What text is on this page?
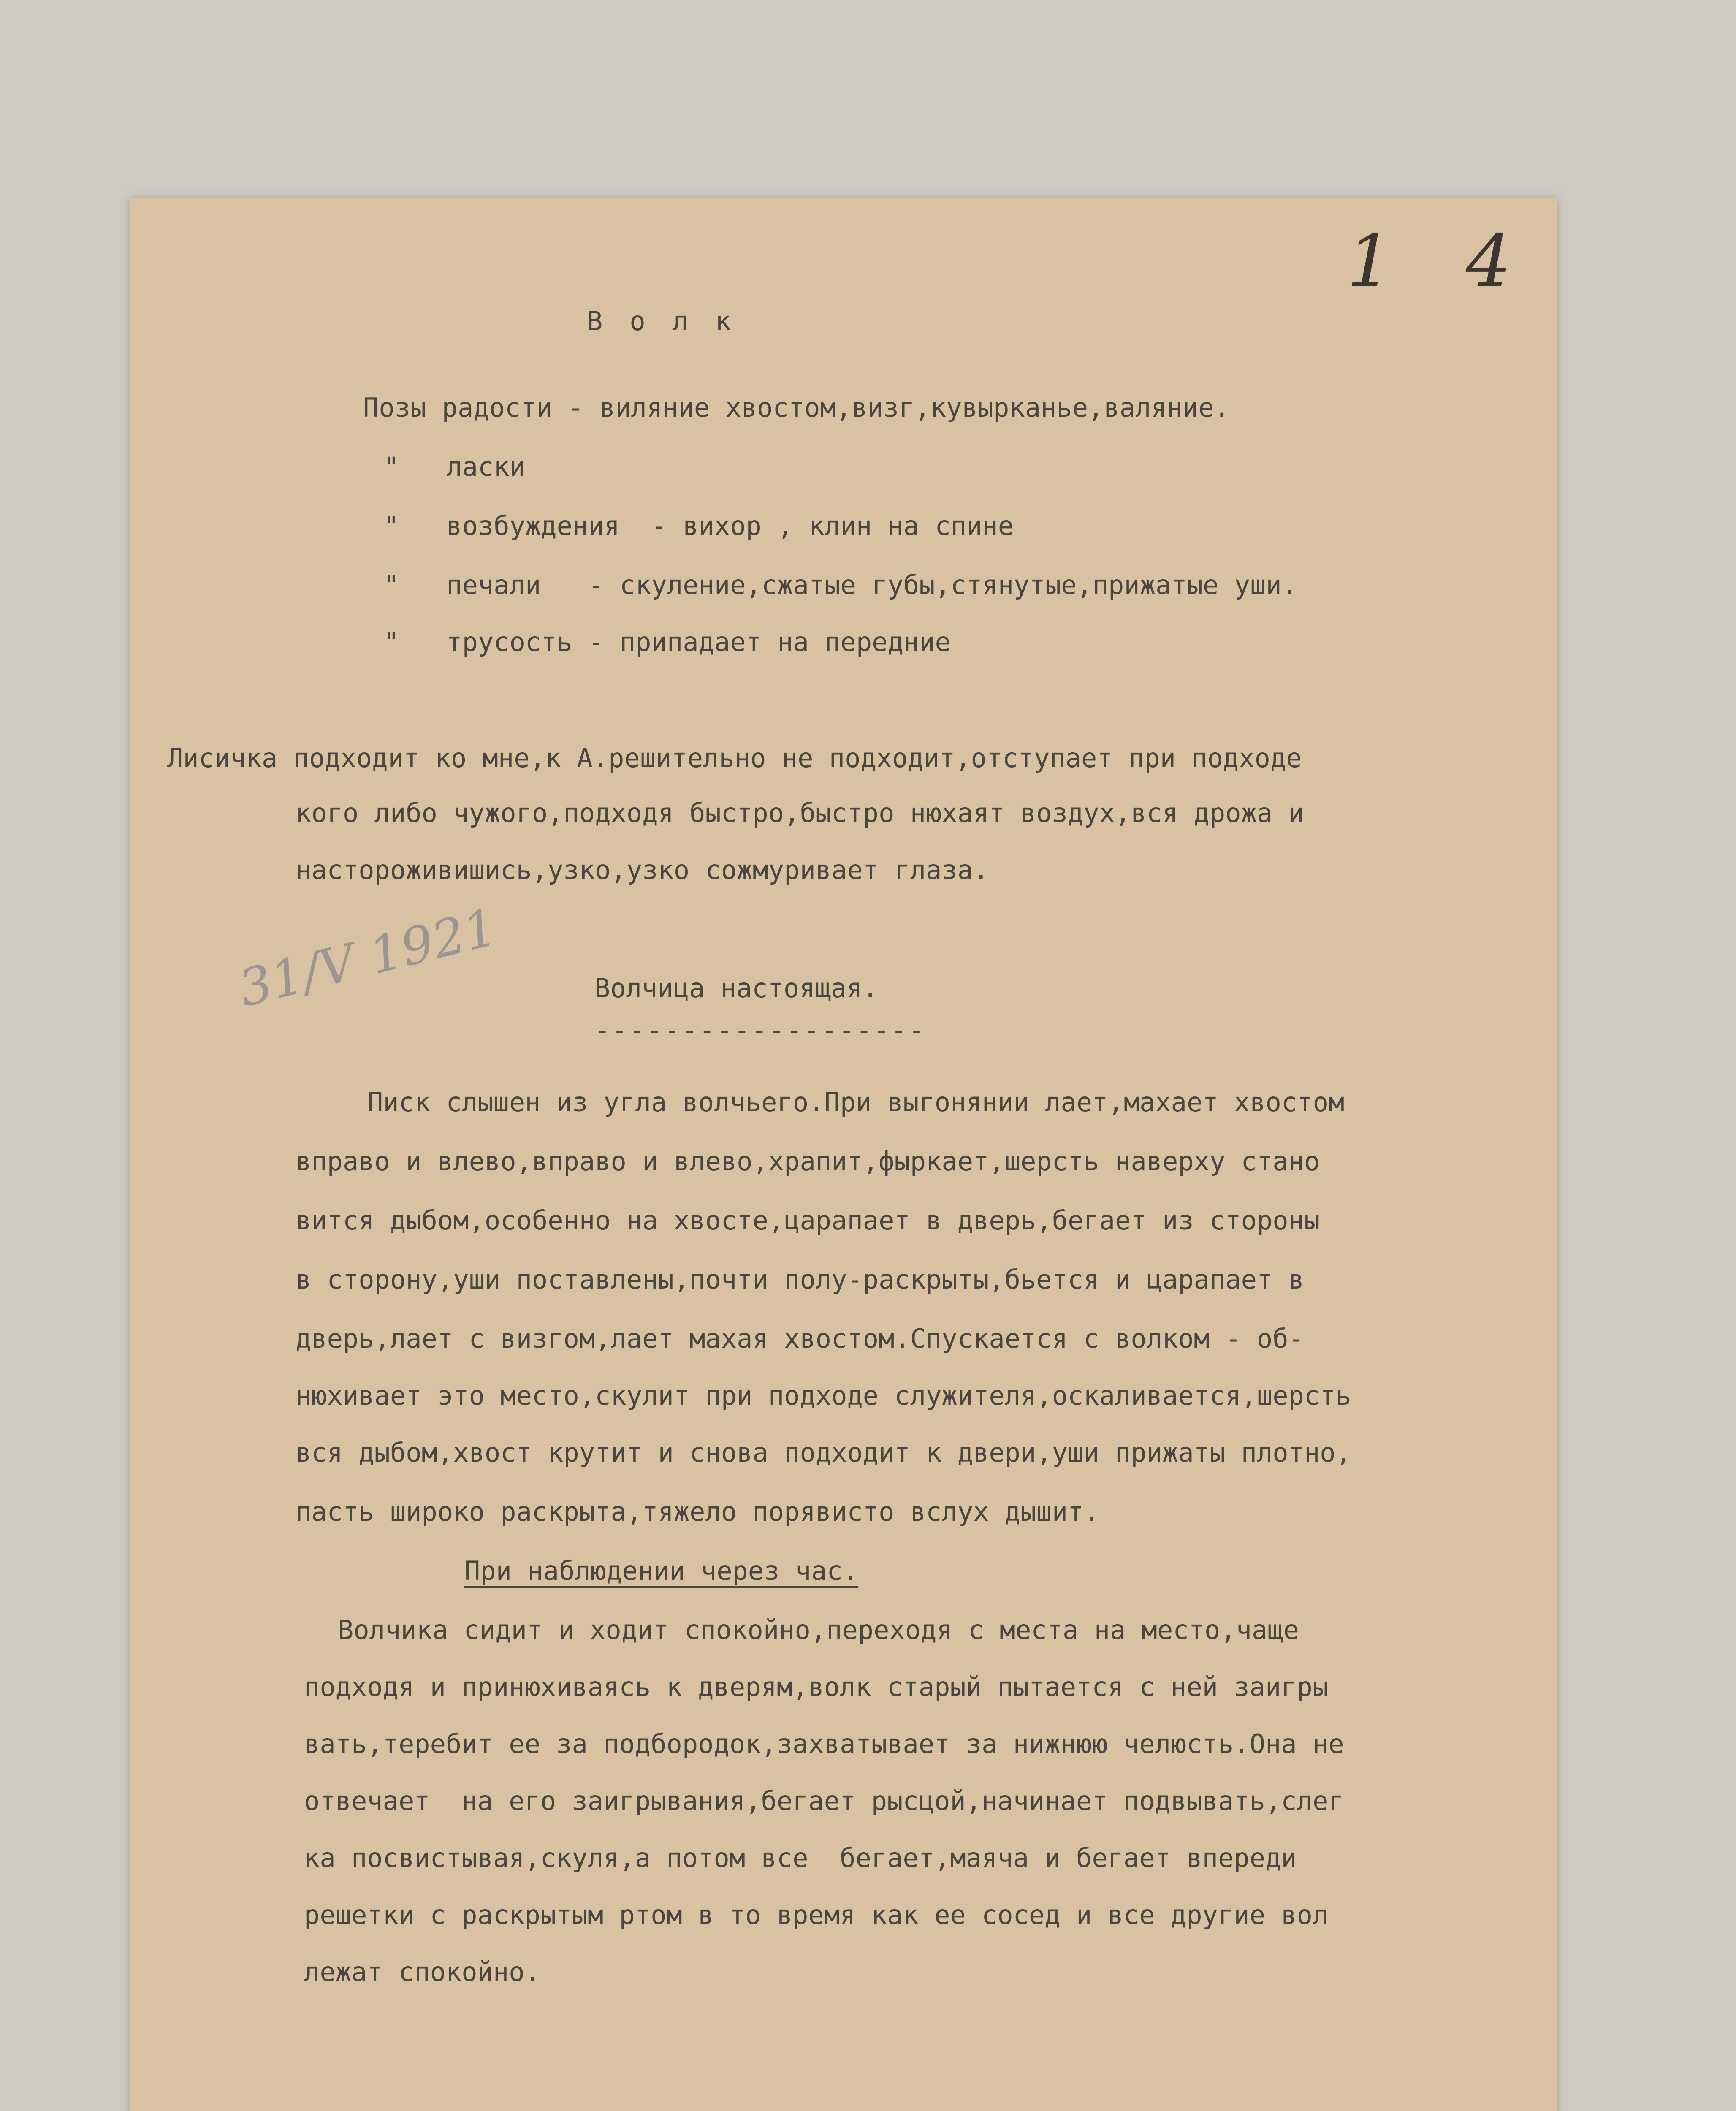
1 4
31/V 1921
Волк
Позы радости - виляние хвостом,визг,кувырканье,валяние.
"   ласки
"   возбуждения  - вихор , клин на спине
"   печали   - скуление,сжатые губы,стянутые,прижатые уши.
"   трусость - припадает на передние
Лисичка подходит ко мне,к А.решительно не подходит,отступает при подходе
кого либо чужого,подходя быстро,быстро нюхаят воздух,вся дрожа и
настороживишись,узко,узко сожмуривает глаза.
Волчица настоящая.
-------------------
Писк слышен из угла волчьего.При выгонянии лает,махает хвостом
вправо и влево,вправо и влево,храпит,фыркает,шерсть наверху стано
вится дыбом,особенно на хвосте,царапает в дверь,бегает из стороны
в сторону,уши поставлены,почти полу-раскрыты,бьется и царапает в
дверь,лает с визгом,лает махая хвостом.Спускается с волком - об-
нюхивает это место,скулит при подходе служителя,оскаливается,шерсть
вся дыбом,хвост крутит и снова подходит к двери,уши прижаты плотно,
пасть широко раскрыта,тяжело порявисто вслух дышит.
При наблюдении через час.
Волчика сидит и ходит спокойно,переходя с места на место,чаще
подходя и принюхиваясь к дверям,волк старый пытается с ней заигры
вать,теребит ее за подбородок,захватывает за нижнюю челюсть.Она не
отвечает  на его заигрывания,бегает рысцой,начинает подвывать,слег
ка посвистывая,скуля,а потом все  бегает,маяча и бегает впереди
решетки с раскрытым ртом в то время как ее сосед и все другие вол
лежат спокойно.
